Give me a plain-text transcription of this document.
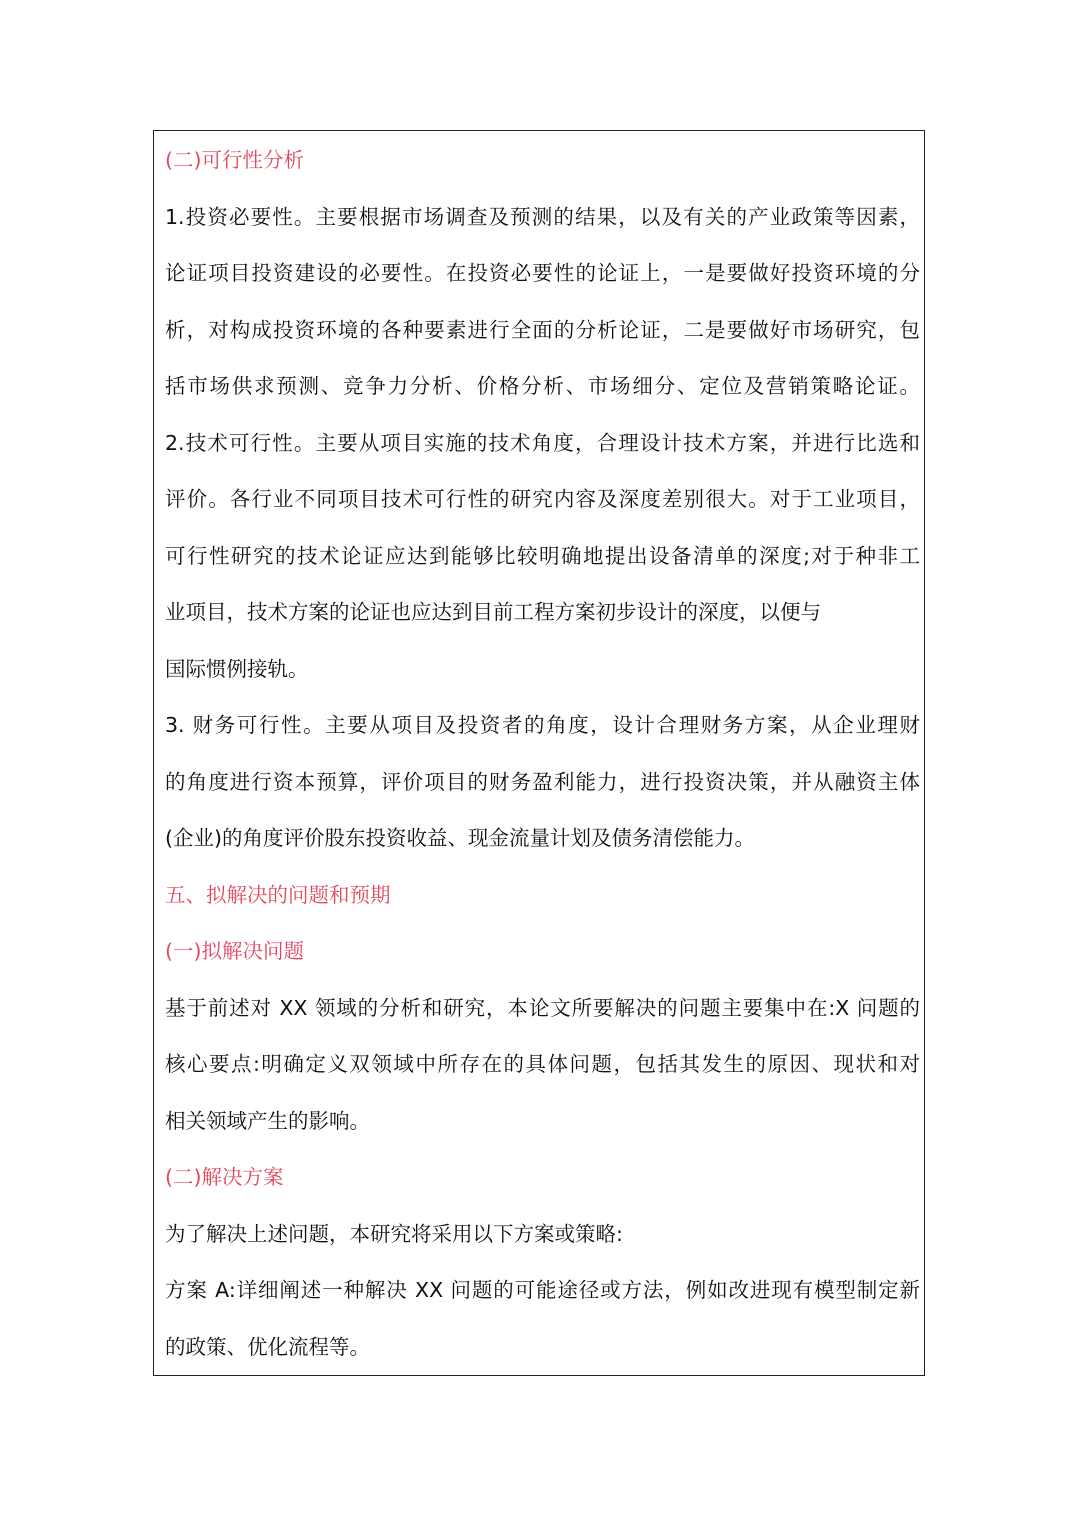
(二)可行性分析
1.投资必要性。主要根据市场调查及预测的结果，以及有关的产业政策等因素，
论证项目投资建设的必要性。在投资必要性的论证上，一是要做好投资环境的分
析，对构成投资环境的各种要素进行全面的分析论证，二是要做好市场研究，包
括市场供求预测、竞争力分析、价格分析、市场细分、定位及营销策略论证。
2.技术可行性。主要从项目实施的技术角度，合理设计技术方案，并进行比选和
评价。各行业不同项目技术可行性的研究内容及深度差别很大。对于工业项目，
可行性研究的技术论证应达到能够比较明确地提出设备清单的深度;对于种非工
业项目，技术方案的论证也应达到目前工程方案初步设计的深度，以便与
国际惯例接轨。
3. 财务可行性。主要从项目及投资者的角度，设计合理财务方案，从企业理财
的角度进行资本预算，评价项目的财务盈利能力，进行投资决策，并从融资主体
(企业)的角度评价股东投资收益、现金流量计划及债务清偿能力。
五、拟解决的问题和预期
(一)拟解决问题
基于前述对 XX 领域的分析和研究，本论文所要解决的问题主要集中在:X 问题的
核心要点:明确定义双领域中所存在的具体问题，包括其发生的原因、现状和对
相关领域产生的影响。
(二)解决方案
为了解决上述问题，本研究将采用以下方案或策略:
方案 A:详细阐述一种解决 XX 问题的可能途径或方法，例如改进现有模型制定新
的政策、优化流程等。
